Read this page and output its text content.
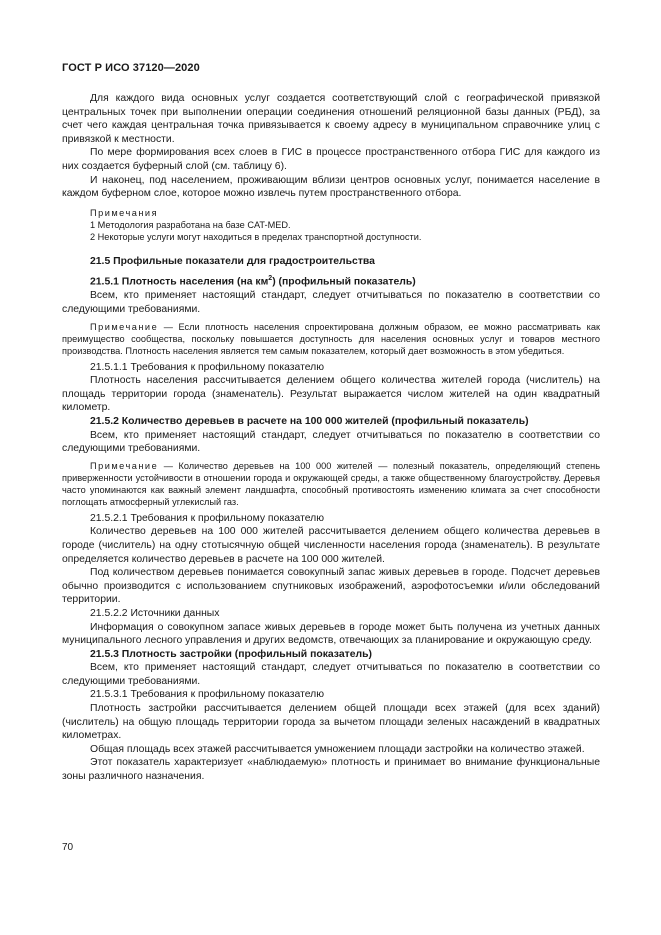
ГОСТ Р ИСО 37120—2020

Для каждого вида основных услуг создается соответствующий слой с географической привязкой центральных точек при выполнении операции соединения отношений реляционной базы данных (РБД), за счет чего каждая центральная точка привязывается к своему адресу в муниципальном справочнике улиц с привязкой к местности.

По мере формирования всех слоев в ГИС в процессе пространственного отбора ГИС для каждого из них создается буферный слой (см. таблицу 6).

И наконец, под населением, проживающим вблизи центров основных услуг, понимается население в каждом буферном слое, которое можно извлечь путем пространственного отбора.

Примечания

1 Методология разработана на базе CAT-MED.

2 Некоторые услуги могут находиться в пределах транспортной доступности.

21.5 Профильные показатели для градостроительства

21.5.1 Плотность населения (на $км^2$) (профильный показатель)

Всем, кто применяет настоящий стандарт, следует отчитываться по показателю в соответствии со следующими требованиями.

Примечание — Если плотность населения спроектирована должным образом, ее можно рассматривать как преимущество сообщества, поскольку повышается доступность для населения основных услуг и товаров местного производства. Плотность населения является тем самым показателем, который дает возможность в этом убедиться.

21.5.1.1 Требования к профильному показателю

Плотность населения рассчитывается делением общего количества жителей города (числитель) на площадь территории города (знаменатель). Результат выражается числом жителей на один квадратный километр.

21.5.2 Количество деревьев в расчете на 100 000 жителей (профильный показатель)

Всем, кто применяет настоящий стандарт, следует отчитываться по показателю в соответствии со следующими требованиями.

Примечание — Количество деревьев на 100 000 жителей — полезный показатель, определяющий степень приверженности устойчивости в отношении города и окружающей среды, а также общественному благоустройству. Деревья часто упоминаются как важный элемент ландшафта, способный противостоять изменению климата за счет способности поглощать атмосферный углекислый газ.

21.5.2.1 Требования к профильному показателю

Количество деревьев на 100 000 жителей рассчитывается делением общего количества деревьев в городе (числитель) на одну стотысячную общей численности населения города (знаменатель). В результате определяется количество деревьев в расчете на 100 000 жителей.

Под количеством деревьев понимается совокупный запас живых деревьев в городе. Подсчет деревьев обычно производится с использованием спутниковых изображений, аэрофотосъемки и/или обследований территории.

21.5.2.2 Источники данных

Информация о совокупном запасе живых деревьев в городе может быть получена из учетных данных муниципального лесного управления и других ведомств, отвечающих за планирование и окружающую среду.

21.5.3 Плотность застройки (профильный показатель)

Всем, кто применяет настоящий стандарт, следует отчитываться по показателю в соответствии со следующими требованиями.

21.5.3.1 Требования к профильному показателю

Плотность застройки рассчитывается делением общей площади всех этажей (для всех зданий) (числитель) на общую площадь территории города за вычетом площади зеленых насаждений в квадратных километрах.

Общая площадь всех этажей рассчитывается умножением площади застройки на количество этажей.

Этот показатель характеризует «наблюдаемую» плотность и принимает во внимание функциональные зоны различного назначения.

70
